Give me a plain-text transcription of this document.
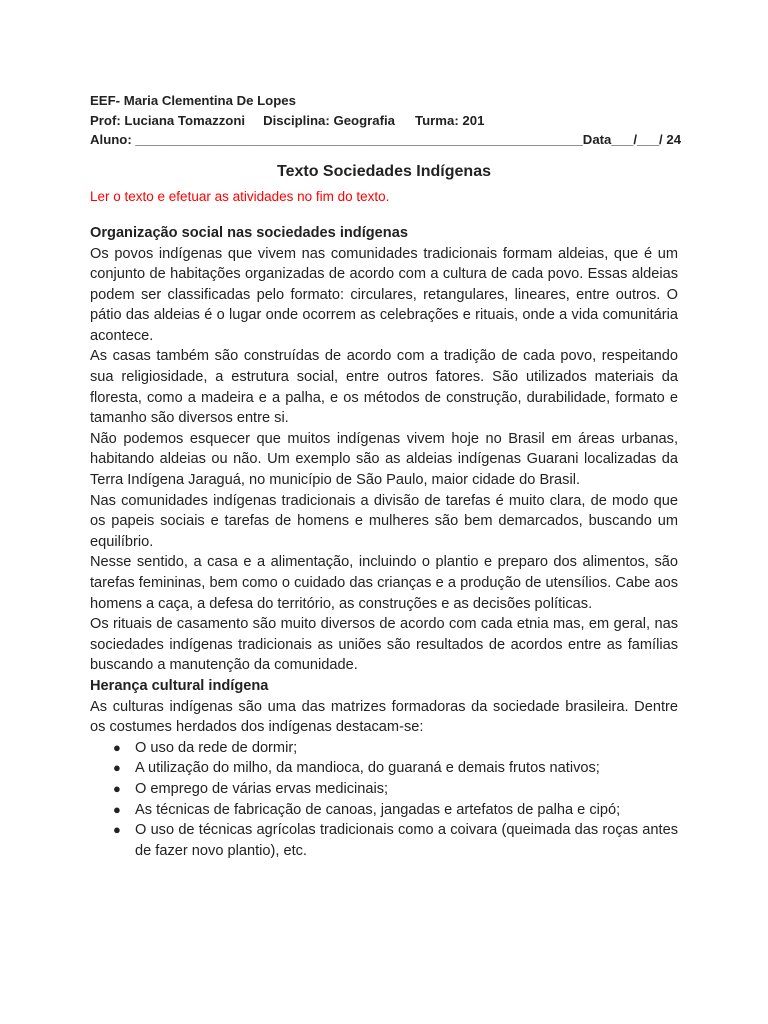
EEF- Maria Clementina De Lopes
Prof: Luciana Tomazzoni Disciplina: Geografia Turma: 201
Aluno: _____________________________________________________________Data___/___/ 24
Texto Sociedades Indígenas
Ler o texto e efetuar as atividades no fim do texto.
Organização social nas sociedades indígenas

Os povos indígenas que vivem nas comunidades tradicionais formam aldeias, que é um conjunto de habitações organizadas de acordo com a cultura de cada povo. Essas aldeias podem ser classificadas pelo formato: circulares, retangulares, lineares, entre outros. O pátio das aldeias é o lugar onde ocorrem as celebrações e rituais, onde a vida comunitária acontece.

As casas também são construídas de acordo com a tradição de cada povo, respeitando sua religiosidade, a estrutura social, entre outros fatores. São utilizados materiais da floresta, como a madeira e a palha, e os métodos de construção, durabilidade, formato e tamanho são diversos entre si.

Não podemos esquecer que muitos indígenas vivem hoje no Brasil em áreas urbanas, habitando aldeias ou não. Um exemplo são as aldeias indígenas Guarani localizadas da Terra Indígena Jaraguá, no município de São Paulo, maior cidade do Brasil.

Nas comunidades indígenas tradicionais a divisão de tarefas é muito clara, de modo que os papeis sociais e tarefas de homens e mulheres são bem demarcados, buscando um equilíbrio.

Nesse sentido, a casa e a alimentação, incluindo o plantio e preparo dos alimentos, são tarefas femininas, bem como o cuidado das crianças e a produção de utensílios. Cabe aos homens a caça, a defesa do território, as construções e as decisões políticas.

Os rituais de casamento são muito diversos de acordo com cada etnia mas, em geral, nas sociedades indígenas tradicionais as uniões são resultados de acordos entre as famílias buscando a manutenção da comunidade.

Herança cultural indígena

As culturas indígenas são uma das matrizes formadoras da sociedade brasileira. Dentre os costumes herdados dos indígenas destacam-se:

● O uso da rede de dormir;
● A utilização do milho, da mandioca, do guaraná e demais frutos nativos;
● O emprego de várias ervas medicinais;
● As técnicas de fabricação de canoas, jangadas e artefatos de palha e cipó;
● O uso de técnicas agrícolas tradicionais como a coivara (queimada das roças antes de fazer novo plantio), etc.
